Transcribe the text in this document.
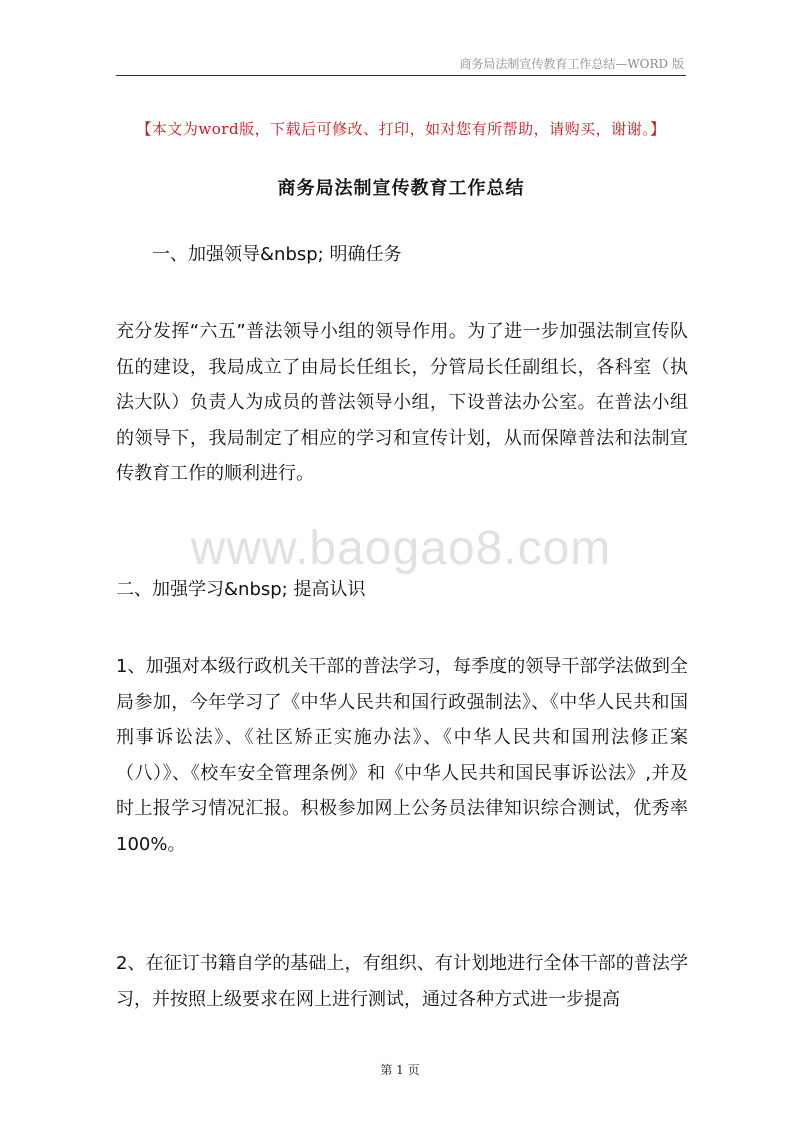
商务局法制宣传教育工作总结—WORD 版
【本文为word版，下载后可修改、打印，如对您有所帮助，请购买，谢谢。】
商务局法制宣传教育工作总结
一、加强领导&nbsp; 明确任务
充分发挥“六五”普法领导小组的领导作用。为了进一步加强法制宣传队伍的建设，我局成立了由局长任组长，分管局长任副组长，各科室（执法大队）负责人为成员的普法领导小组，下设普法办公室。在普法小组的领导下，我局制定了相应的学习和宣传计划，从而保障普法和法制宣传教育工作的顺利进行。
www.baogao8.com
二、加强学习&nbsp; 提高认识
1、加强对本级行政机关干部的普法学习，每季度的领导干部学法做到全局参加，今年学习了《中华人民共和国行政强制法》、《中华人民共和国刑事诉讼法》、《社区矫正实施办法》、《中华人民共和国刑法修正案（八）》、《校车安全管理条例》和《中华人民共和国民事诉讼法》,并及时上报学习情况汇报。积极参加网上公务员法律知识综合测试，优秀率 100%。
2、在征订书籍自学的基础上，有组织、有计划地进行全体干部的普法学习，并按照上级要求在网上进行测试，通过各种方式进一步提高
第 1 页
